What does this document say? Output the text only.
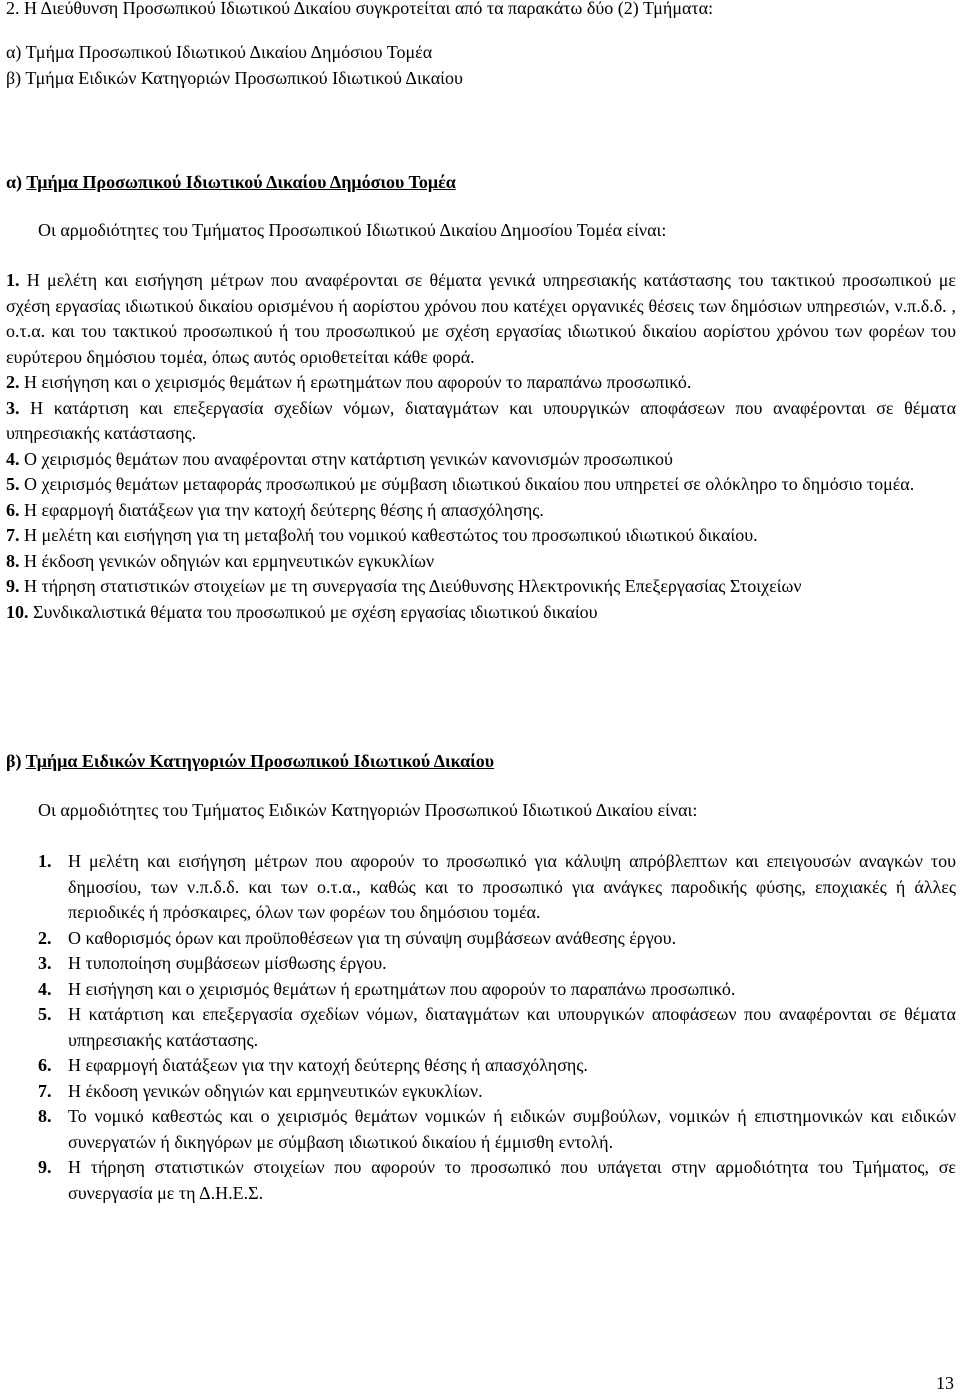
2. Η Διεύθυνση Προσωπικού Ιδιωτικού Δικαίου συγκροτείται από τα παρακάτω δύο (2) Τμήματα:
α) Τμήμα Προσωπικού Ιδιωτικού Δικαίου Δημόσιου Τομέα
β) Τμήμα Ειδικών Κατηγοριών Προσωπικού Ιδιωτικού Δικαίου
α) Τμήμα Προσωπικού Ιδιωτικού Δικαίου Δημόσιου Τομέα
Οι αρμοδιότητες του Τμήματος Προσωπικού Ιδιωτικού Δικαίου Δημοσίου Τομέα είναι:
1. Η μελέτη και εισήγηση μέτρων που αναφέρονται σε θέματα γενικά υπηρεσιακής κατάστασης του τακτικού προσωπικού με σχέση εργασίας ιδιωτικού δικαίου ορισμένου ή αορίστου χρόνου που κατέχει οργανικές θέσεις των δημόσιων υπηρεσιών, ν.π.δ.δ. , ο.τ.α. και του τακτικού προσωπικού ή του προσωπικού με σχέση εργασίας ιδιωτικού δικαίου αορίστου χρόνου των φορέων του ευρύτερου δημόσιου τομέα, όπως αυτός οριοθετείται κάθε φορά.
2. Η εισήγηση και ο χειρισμός θεμάτων ή ερωτημάτων που αφορούν το παραπάνω προσωπικό.
3. Η κατάρτιση και επεξεργασία σχεδίων νόμων, διαταγμάτων και υπουργικών αποφάσεων που αναφέρονται σε θέματα υπηρεσιακής κατάστασης.
4. Ο χειρισμός θεμάτων που αναφέρονται στην κατάρτιση γενικών κανονισμών προσωπικού
5. Ο χειρισμός θεμάτων μεταφοράς προσωπικού με σύμβαση ιδιωτικού δικαίου που υπηρετεί σε ολόκληρο το δημόσιο τομέα.
6. Η εφαρμογή διατάξεων για την κατοχή δεύτερης θέσης ή απασχόλησης.
7. Η μελέτη και εισήγηση για τη μεταβολή του νομικού καθεστώτος του προσωπικού ιδιωτικού δικαίου.
8. Η έκδοση γενικών οδηγιών και ερμηνευτικών εγκυκλίων
9. Η τήρηση στατιστικών στοιχείων με τη συνεργασία της Διεύθυνσης Ηλεκτρονικής Επεξεργασίας Στοιχείων
10. Συνδικαλιστικά θέματα του προσωπικού με σχέση εργασίας ιδιωτικού δικαίου
β) Τμήμα Ειδικών Κατηγοριών Προσωπικού Ιδιωτικού Δικαίου
Οι αρμοδιότητες του Τμήματος Ειδικών Κατηγοριών Προσωπικού Ιδιωτικού Δικαίου είναι:
1. Η μελέτη και εισήγηση μέτρων που αφορούν το προσωπικό για κάλυψη απρόβλεπτων και επειγουσών αναγκών του δημοσίου, των ν.π.δ.δ. και των ο.τ.α., καθώς και το προσωπικό για ανάγκες παροδικής φύσης, εποχιακές ή άλλες περιοδικές ή πρόσκαιρες, όλων των φορέων του δημόσιου τομέα.
2. Ο καθορισμός όρων και προϋποθέσεων για τη σύναψη συμβάσεων ανάθεσης έργου.
3. Η τυποποίηση συμβάσεων μίσθωσης έργου.
4. Η εισήγηση και ο χειρισμός θεμάτων ή ερωτημάτων που αφορούν το παραπάνω προσωπικό.
5. Η κατάρτιση και επεξεργασία σχεδίων νόμων, διαταγμάτων και υπουργικών αποφάσεων που αναφέρονται σε θέματα υπηρεσιακής κατάστασης.
6. Η εφαρμογή διατάξεων για την κατοχή δεύτερης θέσης ή απασχόλησης.
7. Η έκδοση γενικών οδηγιών και ερμηνευτικών εγκυκλίων.
8. Το νομικό καθεστώς και ο χειρισμός θεμάτων νομικών ή ειδικών συμβούλων, νομικών ή επιστημονικών και ειδικών συνεργατών ή δικηγόρων με σύμβαση ιδιωτικού δικαίου ή έμμισθη εντολή.
9. Η τήρηση στατιστικών στοιχείων που αφορούν το προσωπικό που υπάγεται στην αρμοδιότητα του Τμήματος, σε συνεργασία με τη Δ.Η.Ε.Σ.
13
